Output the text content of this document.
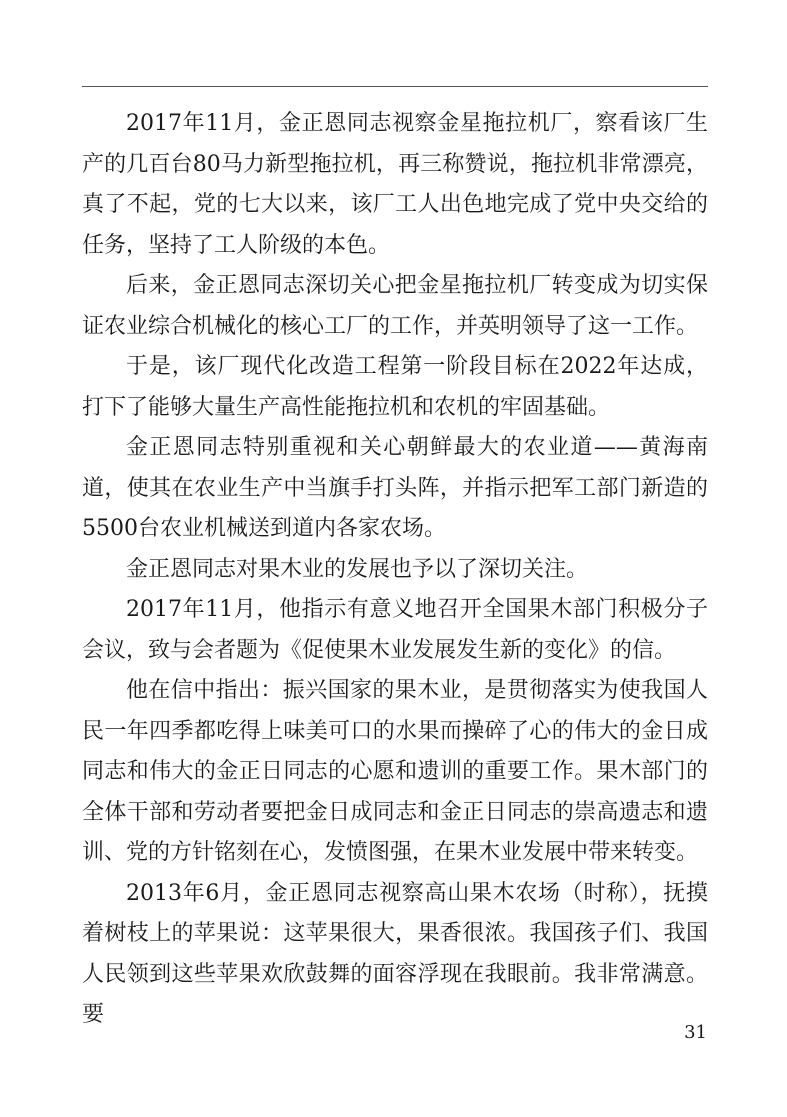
2017年11月，金正恩同志视察金星拖拉机厂，察看该厂生产的几百台80马力新型拖拉机，再三称赞说，拖拉机非常漂亮，真了不起，党的七大以来，该厂工人出色地完成了党中央交给的任务，坚持了工人阶级的本色。

后来，金正恩同志深切关心把金星拖拉机厂转变成为切实保证农业综合机械化的核心工厂的工作，并英明领导了这一工作。

于是，该厂现代化改造工程第一阶段目标在2022年达成，打下了能够大量生产高性能拖拉机和农机的牢固基础。

金正恩同志特别重视和关心朝鲜最大的农业道——黄海南道，使其在农业生产中当旗手打头阵，并指示把军工部门新造的5500台农业机械送到道内各家农场。

金正恩同志对果木业的发展也予以了深切关注。

2017年11月，他指示有意义地召开全国果木部门积极分子会议，致与会者题为《促使果木业发展发生新的变化》的信。

他在信中指出：振兴国家的果木业，是贯彻落实为使我国人民一年四季都吃得上味美可口的水果而操碎了心的伟大的金日成同志和伟大的金正日同志的心愿和遗训的重要工作。果木部门的全体干部和劳动者要把金日成同志和金正日同志的崇高遗志和遗训、党的方针铭刻在心，发愤图强，在果木业发展中带来转变。

2013年6月，金正恩同志视察高山果木农场（时称），抚摸着树枝上的苹果说：这苹果很大，果香很浓。我国孩子们、我国人民领到这些苹果欢欣鼓舞的面容浮现在我眼前。我非常满意。要

31
